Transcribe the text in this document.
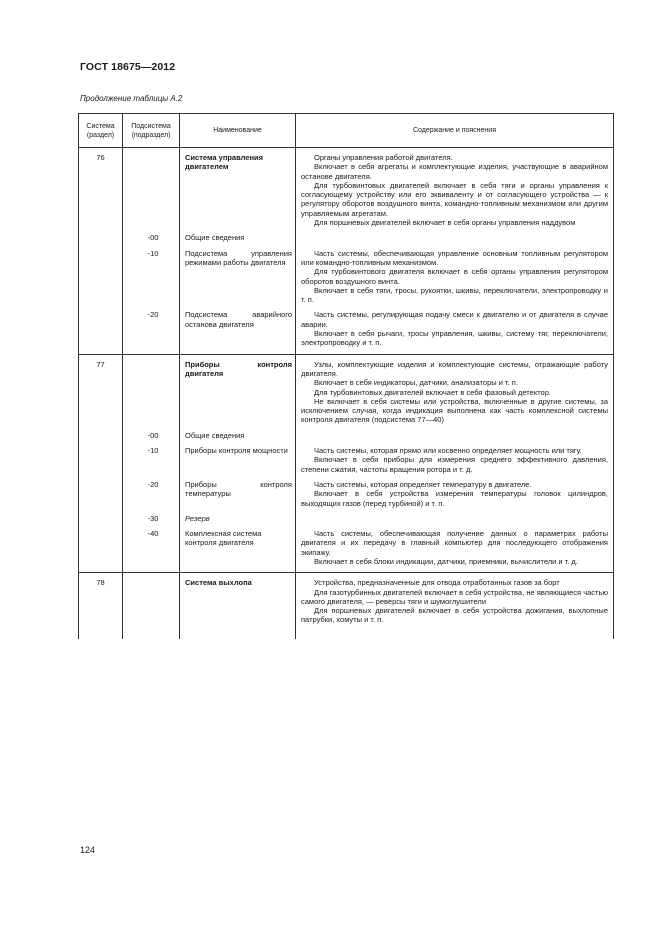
ГОСТ 18675—2012
Продолжение таблицы А.2
Система (раздел)	Подсистема (подраздел)	Наименование	Содержание и пояснения
76		Система управления двигателем	Органы управления работой двигателя.

Включает в себя агрегаты и комплектующие изделия, участвующие в аварийном останове двигателя.

Для турбовинтовых двигателей включает в себя тяги и органы управления к согласующему устройству или его эквиваленту и от согласующего устройства — к регулятору оборотов воздушного винта, командно-топливным механизмом или другим управляемым агрегатам.

Для поршневых двигателей включает в себя органы управления наддувом

	-00	Общие сведения	
	-10	Подсистема управления режимами работы двигателя	Часть системы, обеспечивающая управление основным топливным регулятором или командно-топливным механизмом.

Для турбовинтового двигателя включает в себя органы управления регулятором оборотов воздушного винта.

Включает в себя тяги, тросы, рукоятки, шкивы, переключатели, электропроводку и т. п.

	-20	Подсистема аварийного останова двигателя	Часть системы, регулирующая подачу смеси к двигателю и от двигателя в случае аварии.

Включает в себя рычаги, тросы управления, шкивы, систему тяг, переключатели, электропроводку и т. п.

77		Приборы контроля двигателя	Узлы, комплектующие изделия и комплектующие системы, отражающие работу двигателя.

Включает в себя индикаторы, датчики, анализаторы и т. п.

Для турбовинтовых двигателей включает в себя фазовый детектор.

Не включает в себя системы или устройства, включенные в другие системы, за исключением случая, когда индикация выполнена как часть комплексной системы контроля двигателя (подсистема 77—40)

	-00	Общие сведения	
	-10	Приборы контроля мощности	Часть системы, которая прямо или косвенно определяет мощность или тягу.

Включает в себя приборы для измерения среднего эффективного давления, степени сжатия, частоты вращения ротора и т. д.

	-20	Приборы контроля температуры	Часть системы, которая определяет температуру в двигателе.

Включает в себя устройства измерения температуры головок цилиндров, выходящих газов (перед турбиной) и т. п.

	-30	Резерв	
	-40	Комплексная система контроля двигателя	Часть системы, обеспечивающая получение данных о параметрах работы двигателя и их передачу в главный компьютер для последующего отображения экипажу.

Включает в себя блоки индикации, датчики, приемники, вычислители и т. д.

78		Система выхлопа	Устройства, предназначенные для отвода отработанных газов за борт

Для газотурбинных двигателей включает в себя устройства, не являющиеся частью самого двигателя, — реверсы тяги и шумоглушители

Для поршневых двигателей включает в себя устройства дожигания, выхлопные патрубки, хомуты и т. п.

124
